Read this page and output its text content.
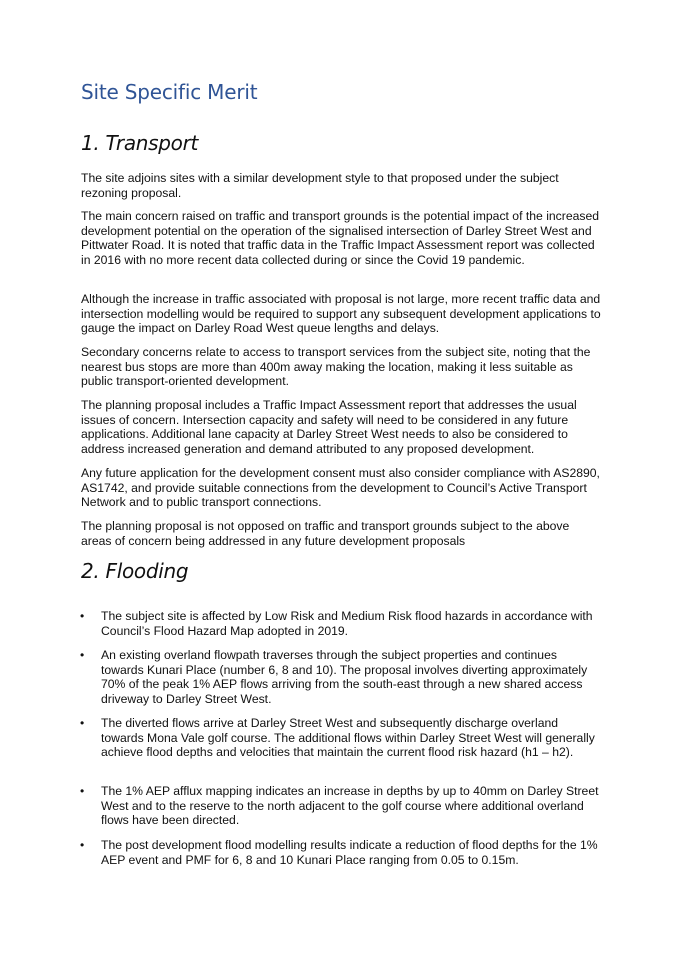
Site Specific Merit
1. Transport

The site adjoins sites with a similar development style to that proposed under the subject rezoning proposal.

The main concern raised on traffic and transport grounds is the potential impact of the increased development potential on the operation of the signalised intersection of Darley Street West and Pittwater Road. It is noted that traffic data in the Traffic Impact Assessment report was collected in 2016 with no more recent data collected during or since the Covid 19 pandemic.

Although the increase in traffic associated with proposal is not large, more recent traffic data and intersection modelling would be required to support any subsequent development applications to gauge the impact on Darley Road West queue lengths and delays.

Secondary concerns relate to access to transport services from the subject site, noting that the nearest bus stops are more than 400m away making the location, making it less suitable as public transport-oriented development.

The planning proposal includes a Traffic Impact Assessment report that addresses the usual issues of concern. Intersection capacity and safety will need to be considered in any future applications. Additional lane capacity at Darley Street West needs to also be considered to address increased generation and demand attributed to any proposed development.

Any future application for the development consent must also consider compliance with AS2890, AS1742, and provide suitable connections from the development to Council’s Active Transport Network and to public transport connections.

The planning proposal is not opposed on traffic and transport grounds subject to the above areas of concern being addressed in any future development proposals

2. Flooding
•	The subject site is affected by Low Risk and Medium Risk flood hazards in accordance with Council’s Flood Hazard Map adopted in 2019.
•	An existing overland flowpath traverses through the subject properties and continues towards Kunari Place (number 6, 8 and 10). The proposal involves diverting approximately 70% of the peak 1% AEP flows arriving from the south-east through a new shared access driveway to Darley Street West.
•	The diverted flows arrive at Darley Street West and subsequently discharge overland towards Mona Vale golf course. The additional flows within Darley Street West will generally achieve flood depths and velocities that maintain the current flood risk hazard (h1 – h2).
•	The 1% AEP afflux mapping indicates an increase in depths by up to 40mm on Darley Street West and to the reserve to the north adjacent to the golf course where additional overland flows have been directed.
•	The post development flood modelling results indicate a reduction of flood depths for the 1% AEP event and PMF for 6, 8 and 10 Kunari Place ranging from 0.05 to 0.15m.
